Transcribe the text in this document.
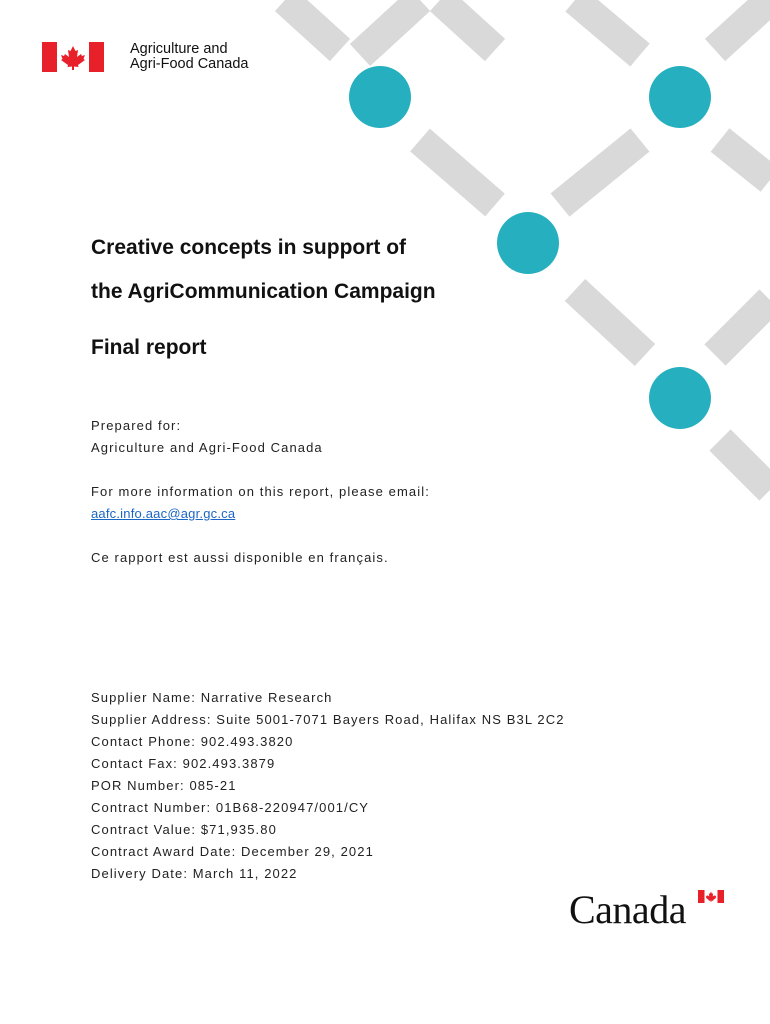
Agriculture and
Agri-Food Canada
Creative concepts in support of
the AgriCommunication Campaign
Final report
Prepared for:
Agriculture and Agri-Food Canada
For more information on this report, please email:
aafc.info.aac@agr.gc.ca
Ce rapport est aussi disponible en français.
Supplier Name: Narrative Research
Supplier Address: Suite 5001-7071 Bayers Road, Halifax NS B3L 2C2
Contact Phone: 902.493.3820
Contact Fax: 902.493.3879
POR Number: 085-21
Contract Number: 01B68-220947/001/CY
Contract Value: $71,935.80
Contract Award Date: December 29, 2021
Delivery Date: March 11, 2022
Canada
